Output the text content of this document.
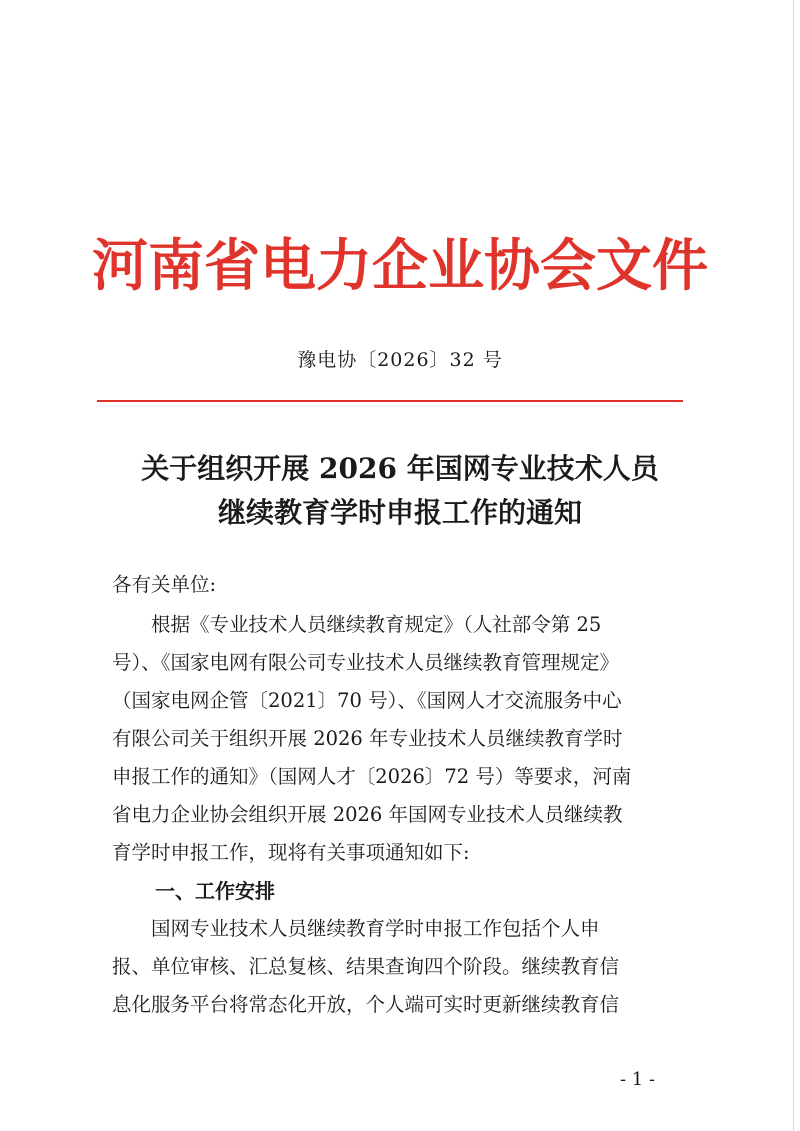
河南省电力企业协会文件
豫电协〔2026〕32 号
关于组织开展 2026 年国网专业技术人员
继续教育学时申报工作的通知
各有关单位:
　　根据《专业技术人员继续教育规定》（人社部令第 25
号）、《国家电网有限公司专业技术人员继续教育管理规定》
（国家电网企管〔2021〕70 号）、《国网人才交流服务中心
有限公司关于组织开展 2026 年专业技术人员继续教育学时
申报工作的通知》（国网人才〔2026〕72 号）等要求，河南
省电力企业协会组织开展 2026 年国网专业技术人员继续教
育学时申报工作，现将有关事项通知如下:
一、工作安排
　　国网专业技术人员继续教育学时申报工作包括个人申
报、单位审核、汇总复核、结果查询四个阶段。继续教育信
息化服务平台将常态化开放，个人端可实时更新继续教育信
- 1 -
